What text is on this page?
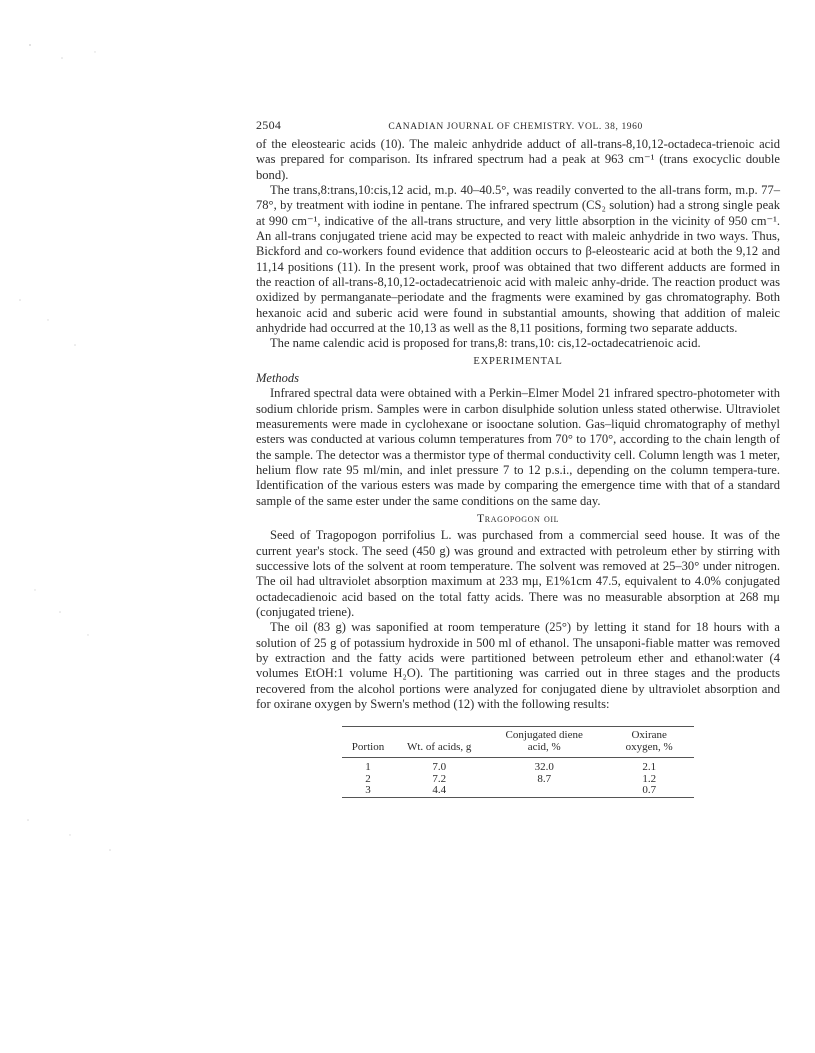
2504	CANADIAN JOURNAL OF CHEMISTRY. VOL. 38, 1960

of the eleostearic acids (10). The maleic anhydride adduct of all-trans-8,10,12-octadeca-trienoic acid was prepared for comparison. Its infrared spectrum had a peak at 963 cm⁻¹ (trans exocyclic double bond).

The trans,8:trans,10:cis,12 acid, m.p. 40–40.5°, was readily converted to the all-trans form, m.p. 77–78°, by treatment with iodine in pentane. The infrared spectrum (CS₂ solution) had a strong single peak at 990 cm⁻¹, indicative of the all-trans structure, and very little absorption in the vicinity of 950 cm⁻¹. An all-trans conjugated triene acid may be expected to react with maleic anhydride in two ways. Thus, Bickford and co-workers found evidence that addition occurs to β-eleostearic acid at both the 9,12 and 11,14 positions (11). In the present work, proof was obtained that two different adducts are formed in the reaction of all-trans-8,10,12-octadecatrienoic acid with maleic anhy-dride. The reaction product was oxidized by permanganate–periodate and the fragments were examined by gas chromatography. Both hexanoic acid and suberic acid were found in substantial amounts, showing that addition of maleic anhydride had occurred at the 10,13 as well as the 8,11 positions, forming two separate adducts.

The name calendic acid is proposed for trans,8: trans,10: cis,12-octadecatrienoic acid.

EXPERIMENTAL
Methods

Infrared spectral data were obtained with a Perkin–Elmer Model 21 infrared spectro-photometer with sodium chloride prism. Samples were in carbon disulphide solution unless stated otherwise. Ultraviolet measurements were made in cyclohexane or isooctane solution. Gas–liquid chromatography of methyl esters was conducted at various column temperatures from 70° to 170°, according to the chain length of the sample. The detector was a thermistor type of thermal conductivity cell. Column length was 1 meter, helium flow rate 95 ml/min, and inlet pressure 7 to 12 p.s.i., depending on the column tempera-ture. Identification of the various esters was made by comparing the emergence time with that of a standard sample of the same ester under the same conditions on the same day.

Tragopogon oil

Seed of Tragopogon porrifolius L. was purchased from a commercial seed house. It was of the current year's stock. The seed (450 g) was ground and extracted with petroleum ether by stirring with successive lots of the solvent at room temperature. The solvent was removed at 25–30° under nitrogen. The oil had ultraviolet absorption maximum at 233 mμ, E1%1cm 47.5, equivalent to 4.0% conjugated octadecadienoic acid based on the total fatty acids. There was no measurable absorption at 268 mμ (conjugated triene).

The oil (83 g) was saponified at room temperature (25°) by letting it stand for 18 hours with a solution of 25 g of potassium hydroxide in 500 ml of ethanol. The unsaponi-fiable matter was removed by extraction and the fatty acids were partitioned between petroleum ether and ethanol:water (4 volumes EtOH:1 volume H₂O). The partitioning was carried out in three stages and the products recovered from the alcohol portions were analyzed for conjugated diene by ultraviolet absorption and for oxirane oxygen by Swern's method (12) with the following results:

Portion	Wt. of acids, g	Conjugated diene acid, %	Oxirane oxygen, %
1	7.0	32.0	2.1
2	7.2	8.7	1.2
3	4.4		0.7
